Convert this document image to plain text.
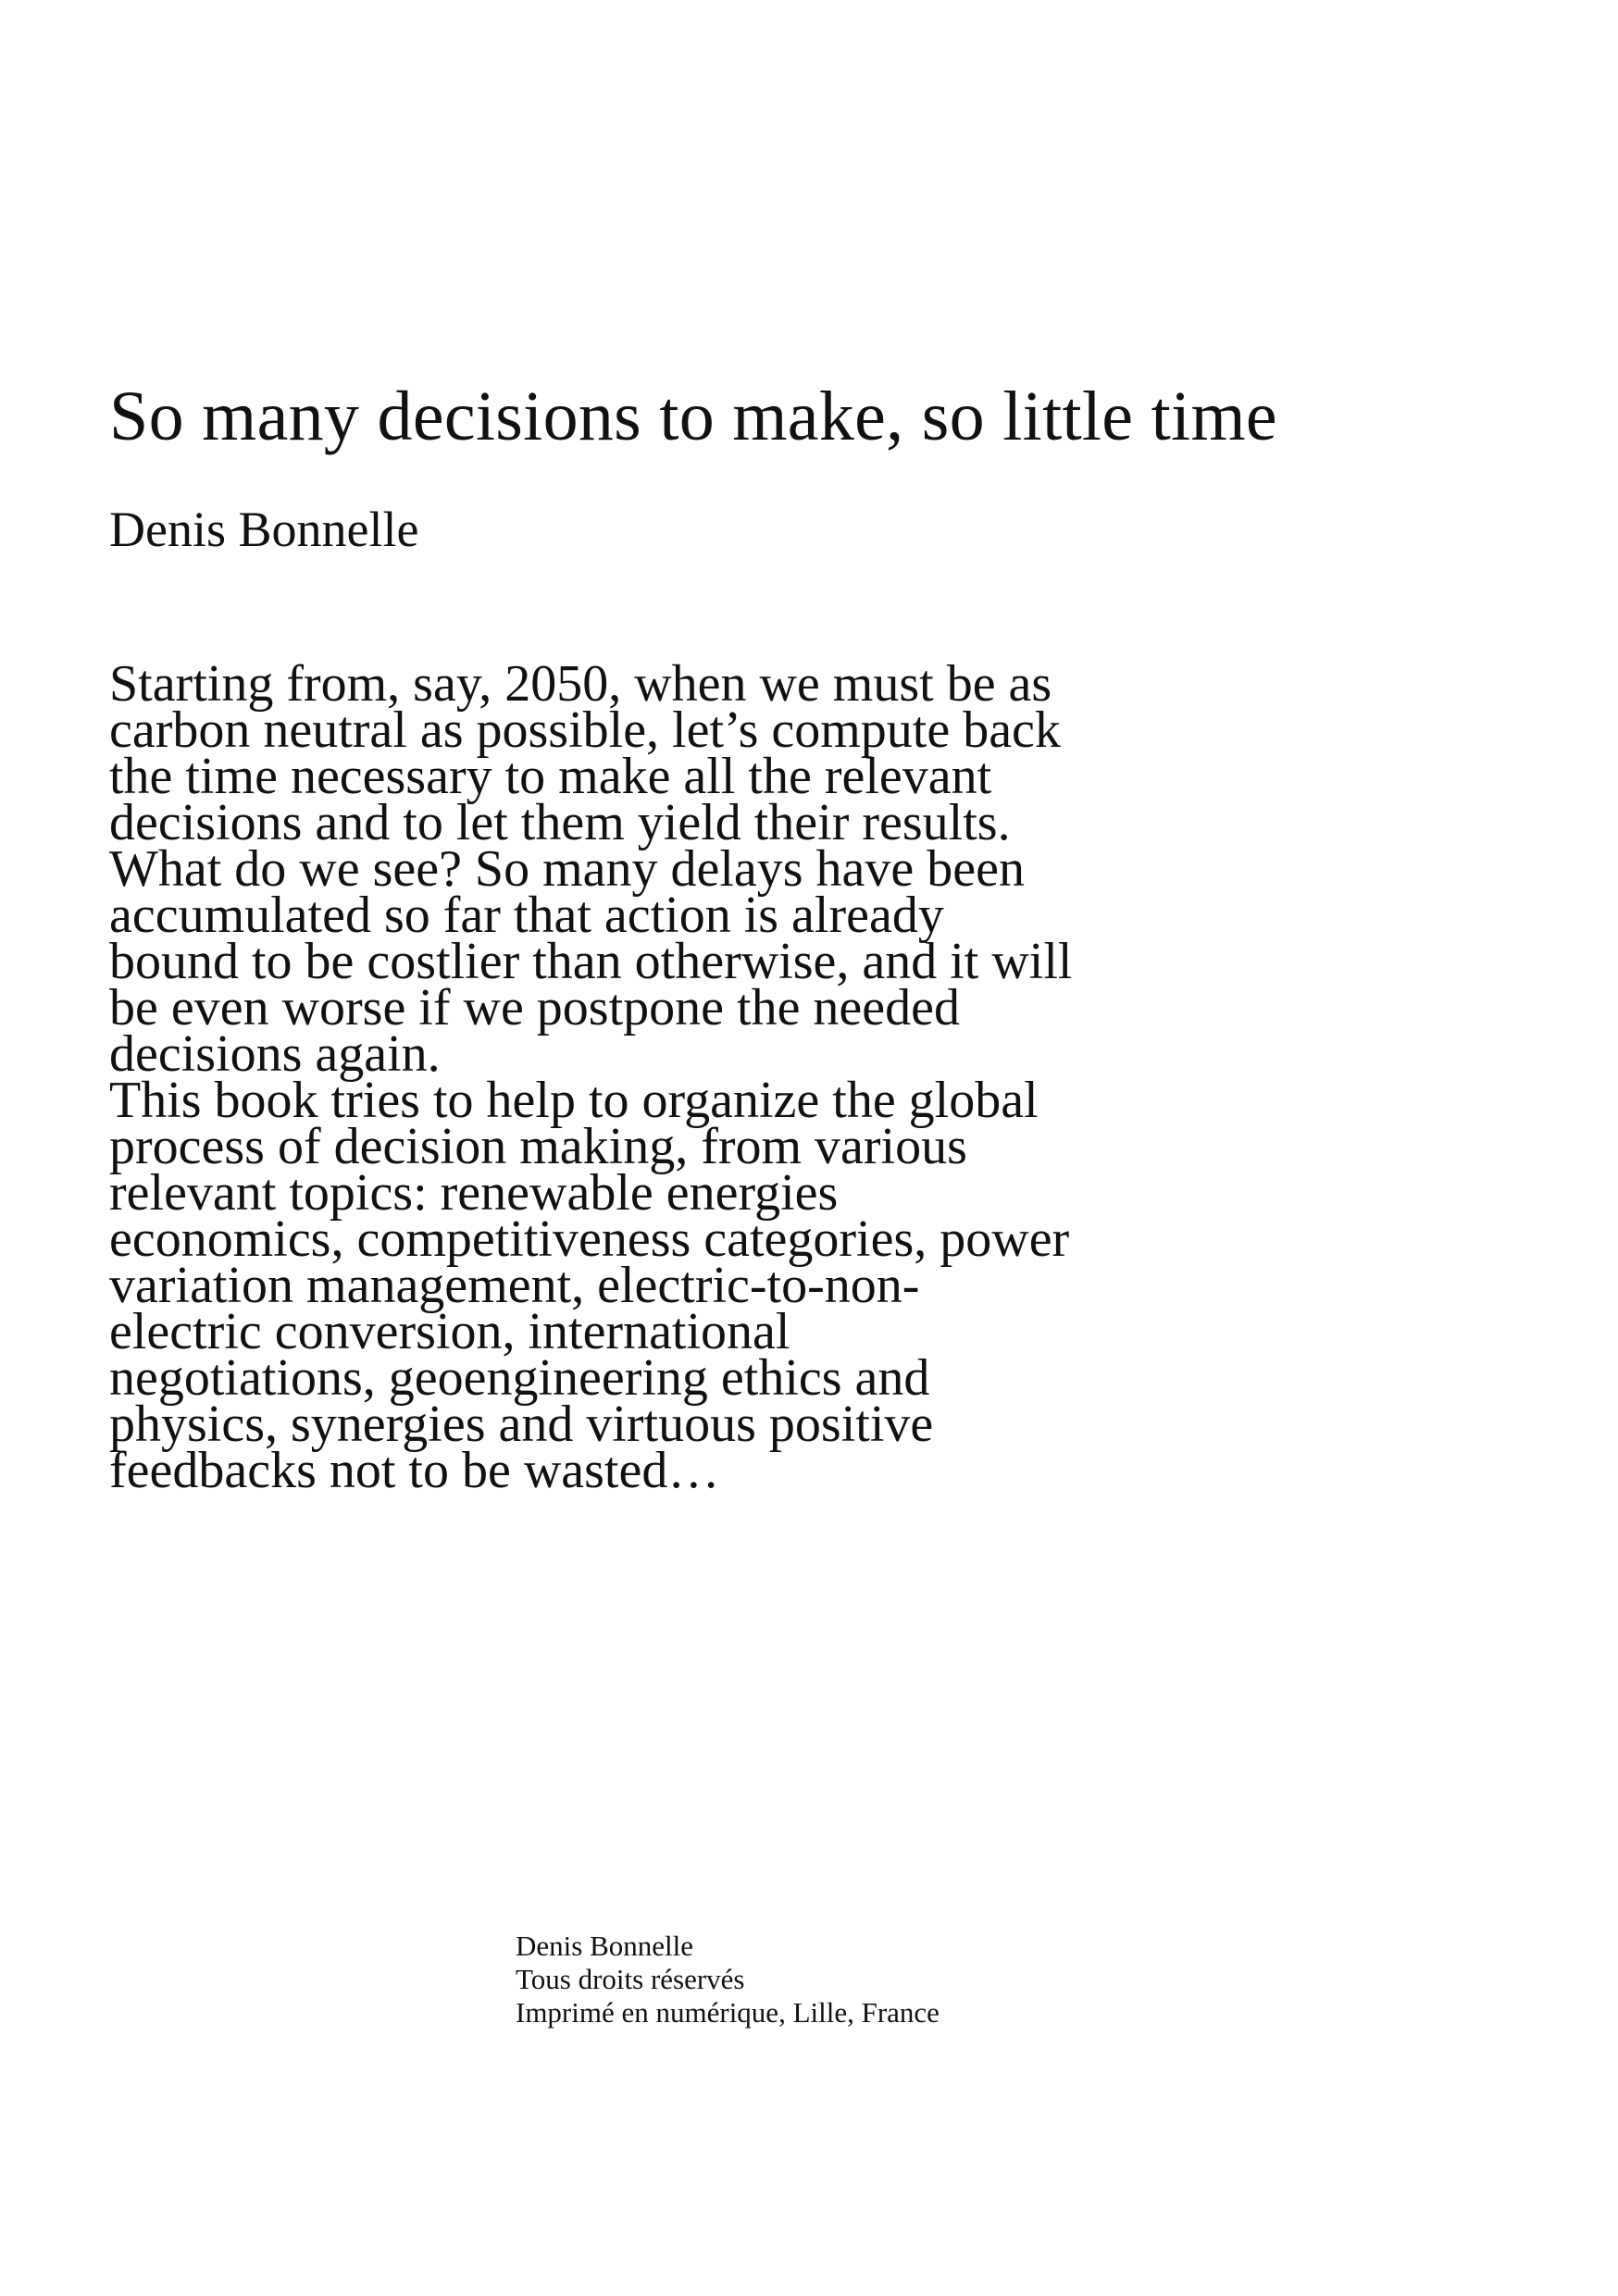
So many decisions to make, so little time
Denis Bonnelle

Starting from, say, 2050, when we must be as
carbon neutral as possible, let’s compute back
the time necessary to make all the relevant
decisions and to let them yield their results.
What do we see? So many delays have been
accumulated so far that action is already
bound to be costlier than otherwise, and it will
be even worse if we postpone the needed
decisions again.

This book tries to help to organize the global
process of decision making, from various
relevant topics: renewable energies
economics, competitiveness categories, power
variation management, electric-to-non-
electric conversion, international
negotiations, geoengineering ethics and
physics, synergies and virtuous positive
feedbacks not to be wasted…

Denis Bonnelle
Tous droits réservés
Imprimé en numérique, Lille, France
